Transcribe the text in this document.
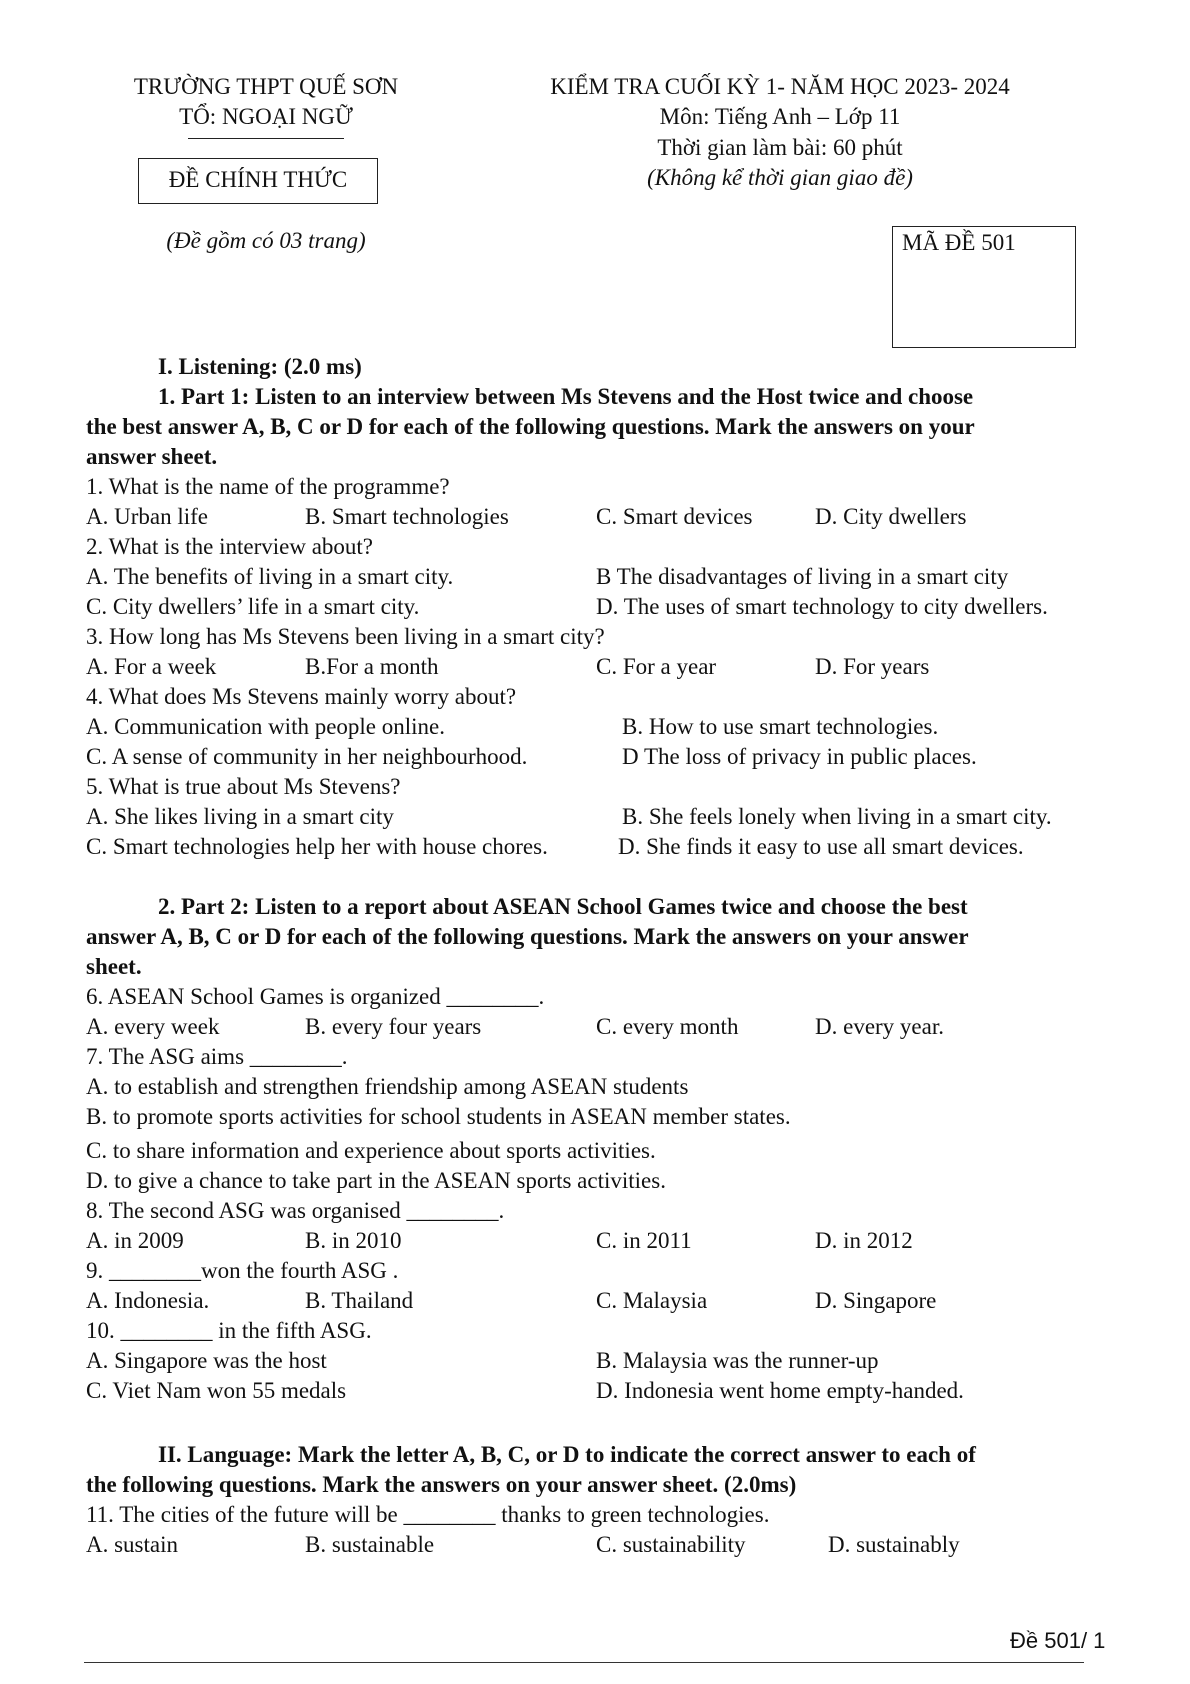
TRƯỜNG THPT QUẾ SƠN
TỔ: NGOẠI NGỮ
ĐỀ CHÍNH THỨC
(Đề gồm có 03 trang)
KIỂM TRA CUỐI KỲ 1- NĂM HỌC 2023- 2024
Môn: Tiếng Anh – Lớp 11
Thời gian làm bài: 60 phút
(Không kể thời gian giao đề)
MÃ ĐỀ 501
I. Listening: (2.0 ms)
1. Part 1: Listen to an interview between Ms Stevens and the Host twice and choose
the best answer A, B, C or D for each of the following questions. Mark the answers on your
answer sheet.
1. What is the name of the programme?
A. Urban life	B. Smart technologies	C. Smart devices	D. City dwellers
2. What is the interview about?
A. The benefits of living in a smart city.	B The disadvantages of living in a smart city
C. City dwellers’ life in a smart city.	D. The uses of smart technology to city dwellers.
3. How long has Ms Stevens been living in a smart city?
A. For a week	B.For a month	C. For a year	D. For years
4. What does Ms Stevens mainly worry about?
A. Communication with people online.	B. How to use smart technologies.
C. A sense of community in her neighbourhood.	D The loss of privacy in public places.
5. What is true about Ms Stevens?
A. She likes living in a smart city	B. She feels lonely when living in a smart city.
C. Smart technologies help her with house chores.	D. She finds it easy to use all smart devices.
2. Part 2: Listen to a report about ASEAN School Games twice and choose the best
answer A, B, C or D for each of the following questions. Mark the answers on your answer
sheet.
6. ASEAN School Games is organized ________.
A. every week	B. every four years	C. every month	D. every year.
7. The ASG aims ________.
A. to establish and strengthen friendship among ASEAN students
B. to promote sports activities for school students in ASEAN member states.
C. to share information and experience about sports activities.
D. to give a chance to take part in the ASEAN sports activities.
8. The second ASG was organised ________.
A. in 2009	B. in 2010	C. in 2011	D. in 2012
9. ________won the fourth ASG .
A. Indonesia.	B. Thailand	C. Malaysia	D. Singapore
10. ________ in the fifth ASG.
A. Singapore was the host	B. Malaysia was the runner-up
C. Viet Nam won 55 medals	D. Indonesia went home empty-handed.
II. Language: Mark the letter A, B, C, or D to indicate the correct answer to each of
the following questions. Mark the answers on your answer sheet. (2.0ms)
11. The cities of the future will be ________ thanks to green technologies.
A. sustain	B. sustainable	C. sustainability	D. sustainably
Đề 501/ 1
